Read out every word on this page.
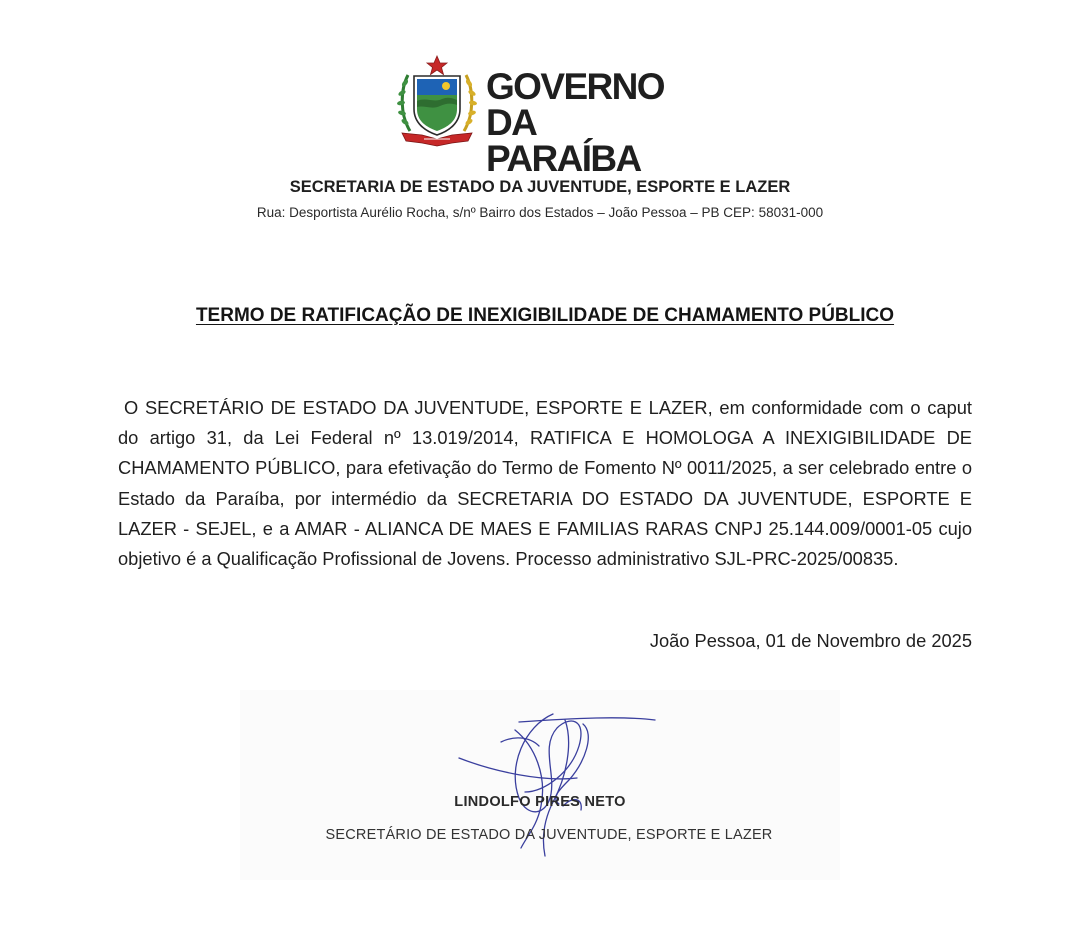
GOVERNO
DA PARAÍBA
SECRETARIA DE ESTADO DA JUVENTUDE, ESPORTE E LAZER
Rua: Desportista Aurélio Rocha, s/nº Bairro dos Estados – João Pessoa – PB CEP: 58031-000
TERMO DE RATIFICAÇÃO DE INEXIGIBILIDADE DE CHAMAMENTO PÚBLICO

O SECRETÁRIO DE ESTADO DA JUVENTUDE, ESPORTE E LAZER, em conformidade com o caput do artigo 31, da Lei Federal nº 13.019/2014, RATIFICA E HOMOLOGA A INEXIGIBILIDADE DE CHAMAMENTO PÚBLICO, para efetivação do Termo de Fomento Nº 0011/2025, a ser celebrado entre o Estado da Paraíba, por intermédio da SECRETARIA DO ESTADO DA JUVENTUDE, ESPORTE E LAZER - SEJEL, e a AMAR - ALIANCA DE MAES E FAMILIAS RARAS CNPJ 25.144.009/0001-05 cujo objetivo é a Qualificação Profissional de Jovens. Processo administrativo SJL-PRC-2025/00835.

João Pessoa, 01 de Novembro de 2025
LINDOLFO PIRES NETO
SECRETÁRIO DE ESTADO DA JUVENTUDE, ESPORTE E LAZER
